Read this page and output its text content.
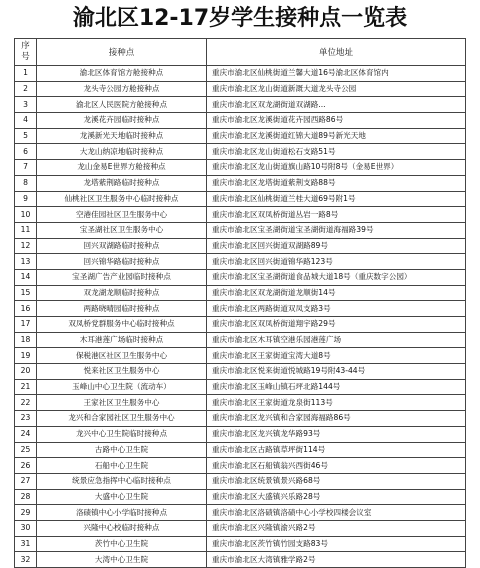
渝北区12-17岁学生接种点一览表
序号	接种点	单位地址
1	渝北区体育馆方舱接种点	重庆市渝北区仙桃街道兰馨大道16号渝北区体育馆内
2	龙头寺公园方舱接种点	重庆市渝北区龙山街道新溉大道龙头寺公园
3	渝北区人民医院方舱接种点	重庆市渝北区双龙湖街道双湖路...
4	龙溪花卉园临时接种点	重庆市渝北区龙溪街道花卉园西路86号
5	龙溪新光天地临时接种点	重庆市渝北区龙溪街道红锦大道89号新光天地
6	大龙山纳凉地临时接种点	重庆市渝北区龙山街道松石支路51号
7	龙山金易E世界方舱接种点	重庆市渝北区龙山街道旗山路10号附8号（金易E世界）
8	龙塔紫荆路临时接种点	重庆市渝北区龙塔街道紫荆支路88号
9	仙桃社区卫生服务中心临时接种点	重庆市渝北区仙桃街道兰桂大道69号附1号
10	空港佳园社区卫生服务中心	重庆市渝北区双凤桥街道丛岩一路8号
11	宝圣湖社区卫生服务中心	重庆市渝北区宝圣湖街道宝圣湖街道海福路39号
12	回兴双湖路临时接种点	重庆市渝北区回兴街道双湖路89号
13	回兴锦华路临时接种点	重庆市渝北区回兴街道锦华路123号
14	宝圣湖广告产业园临时接种点	重庆市渝北区宝圣湖街道食品城大道18号（重庆数字公园）
15	双龙湖龙顺临时接种点	重庆市渝北区双龙湖街道龙顺街14号
16	两路晓晴园临时接种点	重庆市渝北区两路街道双凤支路3号
17	双凤桥党群服务中心临时接种点	重庆市渝北区双凤桥街道翔宇路29号
18	木耳港莲广场临时接种点	重庆市渝北区木耳镇空港乐园港莲广场
19	保税港区社区卫生服务中心	重庆市渝北区王家街道宝湾大道8号
20	悦来社区卫生服务中心	重庆市渝北区悦来街道悦城路19号附43-44号
21	玉峰山中心卫生院（流动车）	重庆市渝北区玉峰山镇石坪北路144号
22	王家社区卫生服务中心	重庆市渝北区王家街道龙泉街113号
23	龙兴和合家园社区卫生服务中心	重庆市渝北区龙兴镇和合家园海福路86号
24	龙兴中心卫生院临时接种点	重庆市渝北区龙兴镇龙华路93号
25	古路中心卫生院	重庆市渝北区古路镇草坪街114号
26	石船中心卫生院	重庆市渝北区石船镇翁兴西街46号
27	统景应急指挥中心临时接种点	重庆市渝北区统景镇景兴路68号
28	大盛中心卫生院	重庆市渝北区大盛镇兴乐路28号
29	洛碛镇中心小学临时接种点	重庆市渝北区洛碛镇洛碛中心小学校四楼会议室
30	兴隆中心校临时接种点	重庆市渝北区兴隆镇渝兴路2号
31	茨竹中心卫生院	重庆市渝北区茨竹镇竹园支路83号
32	大湾中心卫生院	重庆市渝北区大湾镇雅学路2号
